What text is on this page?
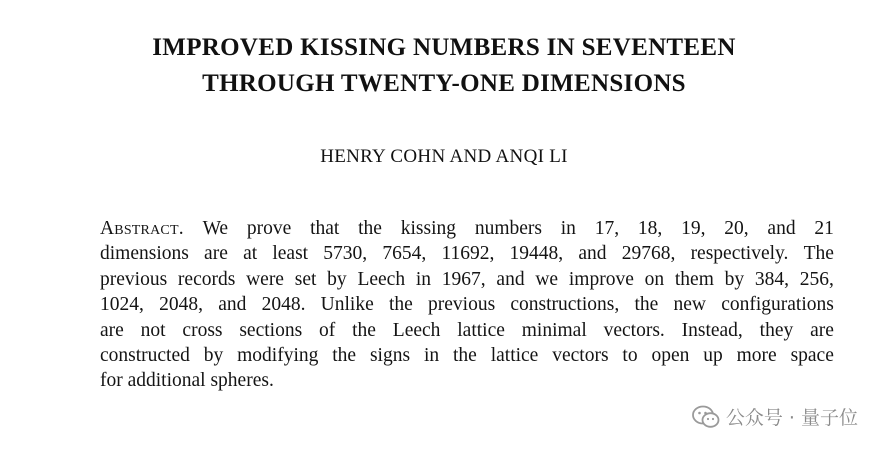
IMPROVED KISSING NUMBERS IN SEVENTEEN
THROUGH TWENTY-ONE DIMENSIONS
HENRY COHN AND ANQI LI
Abstract. We prove that the kissing numbers in 17, 18, 19, 20, and 21
dimensions are at least 5730, 7654, 11692, 19448, and 29768, respectively. The
previous records were set by Leech in 1967, and we improve on them by 384, 256,
1024, 2048, and 2048. Unlike the previous constructions, the new configurations
are not cross sections of the Leech lattice minimal vectors. Instead, they are
constructed by modifying the signs in the lattice vectors to open up more space
for additional spheres.
公众号 · 量子位
